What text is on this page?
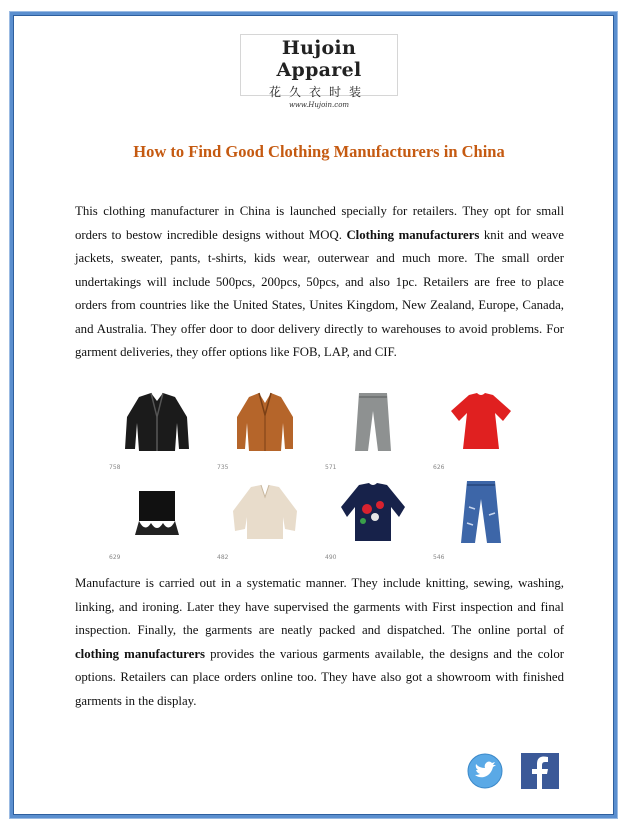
Hujoin Apparel
花久衣时装
www.Hujoin.com
How to Find Good Clothing Manufacturers in China
This clothing manufacturer in China is launched specially for retailers. They opt for small orders to bestow incredible designs without MOQ. Clothing manufacturers knit and weave jackets, sweater, pants, t-shirts, kids wear, outerwear and much more. The small order undertakings will include 500pcs, 200pcs, 50pcs, and also 1pc. Retailers are free to place orders from countries like the United States, Unites Kingdom, New Zealand, Europe, Canada, and Australia. They offer door to door delivery directly to warehouses to avoid problems. For garment deliveries, they offer options like FOB, LAP, and CIF.
758	735	571	626
629	482	490	546
Manufacture is carried out in a systematic manner. They include knitting, sewing, washing, linking, and ironing. Later they have supervised the garments with First inspection and final inspection. Finally, the garments are neatly packed and dispatched. The online portal of clothing manufacturers provides the various garments available, the designs and the color options. Retailers can place orders online too. They have also got a showroom with finished garments in the display.
